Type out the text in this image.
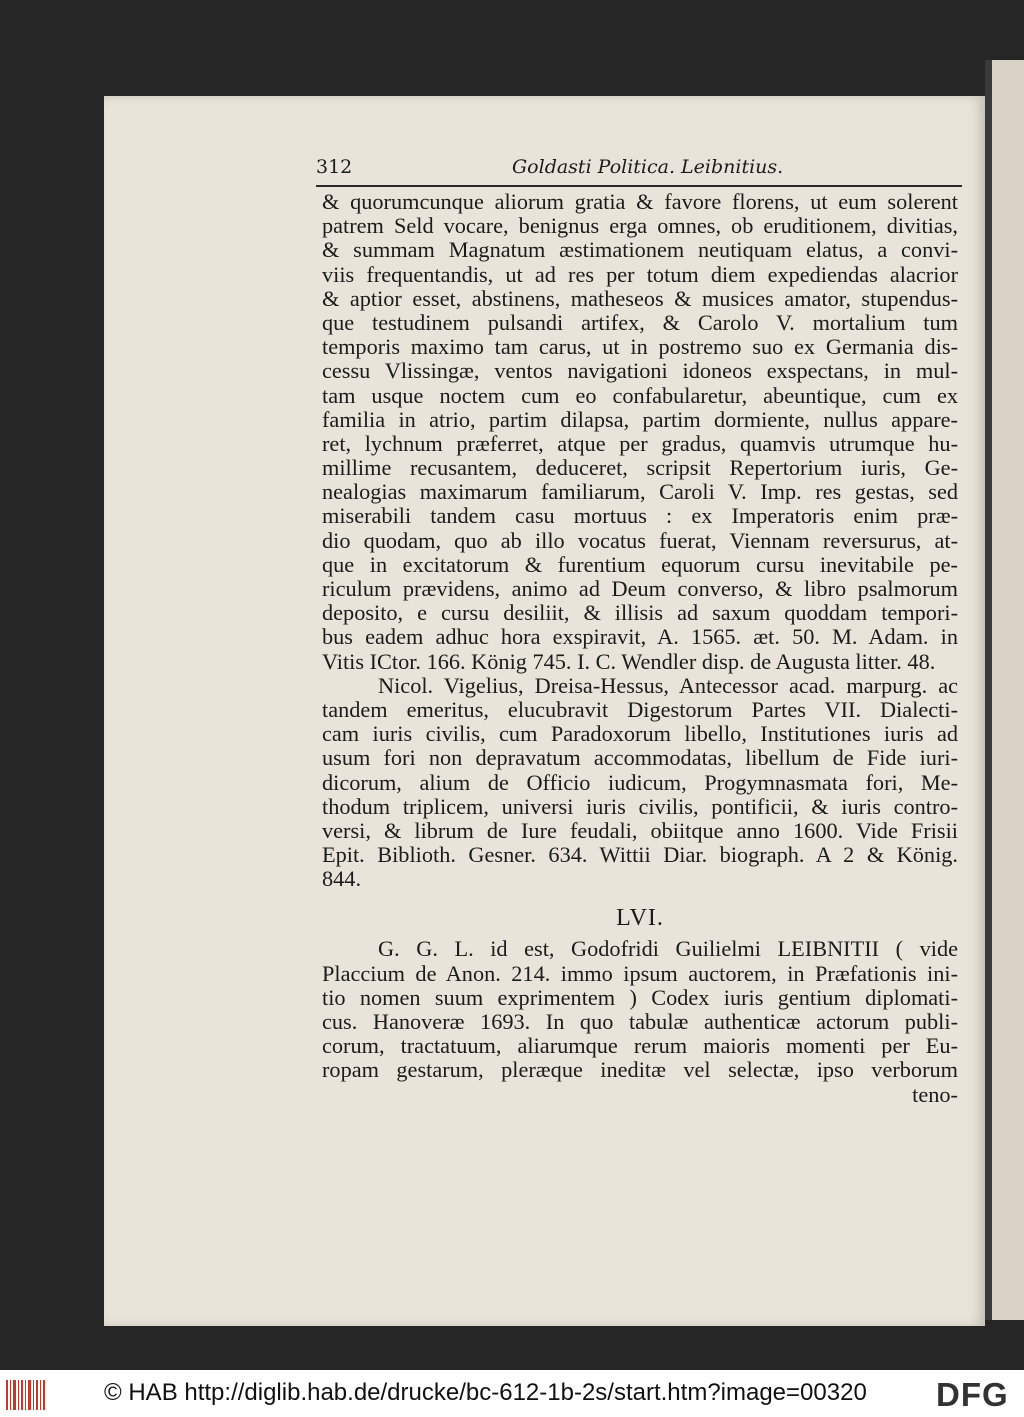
312	Goldasti Politica. Leibnitius.
& quorumcunque aliorum gratia & favore florens, ut eum solerent
patrem Seld vocare, benignus erga omnes, ob eruditionem, divitias,
& summam Magnatum æstimationem neutiquam elatus, a convi-
viis frequentandis, ut ad res per totum diem expediendas alacrior
& aptior esset, abstinens, matheseos & musices amator, stupendus-
que testudinem pulsandi artifex, & Carolo V. mortalium tum
temporis maximo tam carus, ut in postremo suo ex Germania dis-
cessu Vlissingæ, ventos navigationi idoneos exspectans, in mul-
tam usque noctem cum eo confabularetur, abeuntique, cum ex
familia in atrio, partim dilapsa, partim dormiente, nullus appare-
ret, lychnum præferret, atque per gradus, quamvis utrumque hu-
millime recusantem, deduceret, scripsit Repertorium iuris, Ge-
nealogias maximarum familiarum, Caroli V. Imp. res gestas, sed
miserabili tandem casu mortuus : ex Imperatoris enim præ-
dio quodam, quo ab illo vocatus fuerat, Viennam reversurus, at-
que in excitatorum & furentium equorum cursu inevitabile pe-
riculum prævidens, animo ad Deum converso, & libro psalmorum
deposito, e cursu desiliit, & illisis ad saxum quoddam tempori-
bus eadem adhuc hora exspiravit, A. 1565. æt. 50. M. Adam. in
Vitis ICtor. 166. König 745. I. C. Wendler disp. de Augusta litter. 48.
Nicol. Vigelius, Dreisa-Hessus, Antecessor acad. marpurg. ac
tandem emeritus, elucubravit Digestorum Partes VII. Dialecti-
cam iuris civilis, cum Paradoxorum libello, Institutiones iuris ad
usum fori non depravatum accommodatas, libellum de Fide iuri-
dicorum, alium de Officio iudicum, Progymnasmata fori, Me-
thodum triplicem, universi iuris civilis, pontificii, & iuris contro-
versi, & librum de Iure feudali, obiitque anno 1600. Vide Frisii
Epit. Biblioth. Gesner. 634. Wittii Diar. biograph. A 2 & König.
844.
LVI.
G. G. L. id est, Godofridi Guilielmi LEIBNITII ( vide
Placcium de Anon. 214. immo ipsum auctorem, in Præfationis ini-
tio nomen suum exprimentem ) Codex iuris gentium diplomati-
cus. Hanoveræ 1693. In quo tabulæ authenticæ actorum publi-
corum, tractatuum, aliarumque rerum maioris momenti per Eu-
ropam gestarum, pleræque ineditæ vel selectæ, ipso verborum
teno-
© HAB http://diglib.hab.de/drucke/bc-612-1b-2s/start.htm?image=00320 DFG
